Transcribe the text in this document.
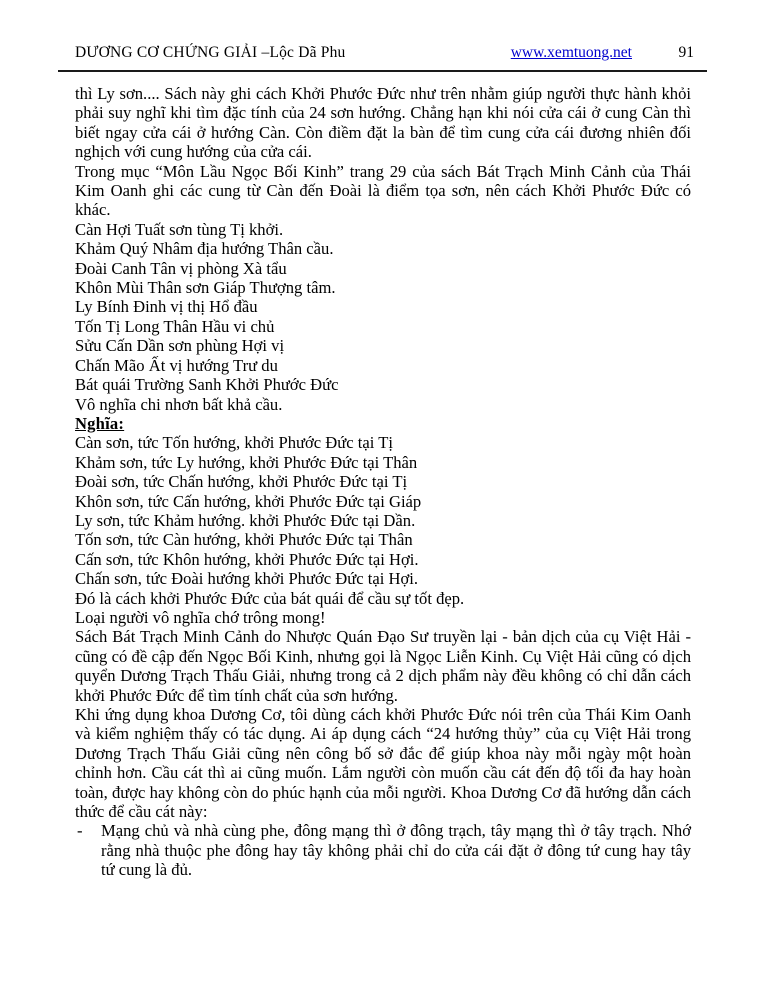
DƯƠNG CƠ CHỨNG GIẢI –Lộc Dã Phu	www.xemtuong.net	91
thì Ly sơn.... Sách này ghi cách Khởi Phước Đức như trên nhằm giúp người thực hành khỏi phải suy nghĩ khi tìm đặc tính của 24 sơn hướng. Chẳng hạn khi nói cửa cái ở cung Càn thì biết ngay cửa cái ở hướng Càn. Còn điềm đặt la bàn để tìm cung cửa cái đương nhiên đối nghịch với cung hướng của cửa cái.
Trong mục “Môn Lầu Ngọc Bối Kinh” trang 29 của sách Bát Trạch Minh Cảnh của Thái Kim Oanh ghi các cung từ Càn đến Đoài là điểm tọa sơn, nên cách Khởi Phước Đức có khác.
Càn Hợi Tuất sơn tùng Tị khởi.
Khảm Quý Nhâm địa hướng Thân cầu.
Đoài Canh Tân vị phòng Xà tẩu
Khôn Mùi Thân sơn Giáp Thượng tâm.
Ly Bính Đinh vị thị Hổ đầu
Tốn Tị Long Thân Hầu vi chủ
Sửu Cấn Dần sơn phùng Hợi vị
Chấn Mão Ất vị hướng Trư du
Bát quái Trường Sanh Khởi Phước Đức
Vô nghĩa chi nhơn bất khả cầu.
Nghĩa:
Càn sơn, tức Tốn hướng, khởi Phước Đức tại Tị
Khảm sơn, tức Ly hướng, khởi Phước Đức tại Thân
Đoài sơn, tức Chấn hướng, khởi Phước Đức tại Tị
Khôn sơn, tức Cấn hướng, khởi Phước Đức tại Giáp
Ly sơn, tức Khảm hướng. khởi Phước Đức tại Dần.
Tốn sơn, tức Càn hướng, khởi Phước Đức tại Thân
Cấn sơn, tức Khôn hướng, khởi Phước Đức tại Hợi.
Chấn sơn, tức Đoài hướng khởi Phước Đức tại Hợi.
Đó là cách khởi Phước Đức của bát quái để cầu sự tốt đẹp.
Loại người vô nghĩa chớ trông mong!
Sách Bát Trạch Minh Cảnh do Nhược Quán Đạo Sư truyền lại - bản dịch của cụ Việt Hải - cũng có đề cập đến Ngọc Bối Kinh, nhưng gọi là Ngọc Liễn Kinh. Cụ Việt Hải cũng có dịch quyển Dương Trạch Thấu Giải, nhưng trong cả 2 dịch phẩm này đều không có chỉ dẫn cách khởi Phước Đức để tìm tính chất của sơn hướng.
Khi ứng dụng khoa Dương Cơ, tôi dùng cách khởi Phước Đức nói trên của Thái Kim Oanh và kiểm nghiệm thấy có tác dụng. Ai áp dụng cách “24 hướng thủy” của cụ Việt Hải trong Dương Trạch Thấu Giải cũng nên công bố sở đắc để giúp khoa này mỗi ngày một hoàn chỉnh hơn. Cầu cát thì ai cũng muốn. Lắm người còn muốn cầu cát đến độ tối đa hay hoàn toàn, được hay không còn do phúc hạnh của mỗi người. Khoa Dương Cơ đã hướng dẫn cách thức để cầu cát này:
- Mạng chủ và nhà cùng phe, đông mạng thì ở đông trạch, tây mạng thì ở tây trạch. Nhớ rằng nhà thuộc phe đông hay tây không phải chỉ do cửa cái đặt ở đông tứ cung hay tây tứ cung là đủ.
